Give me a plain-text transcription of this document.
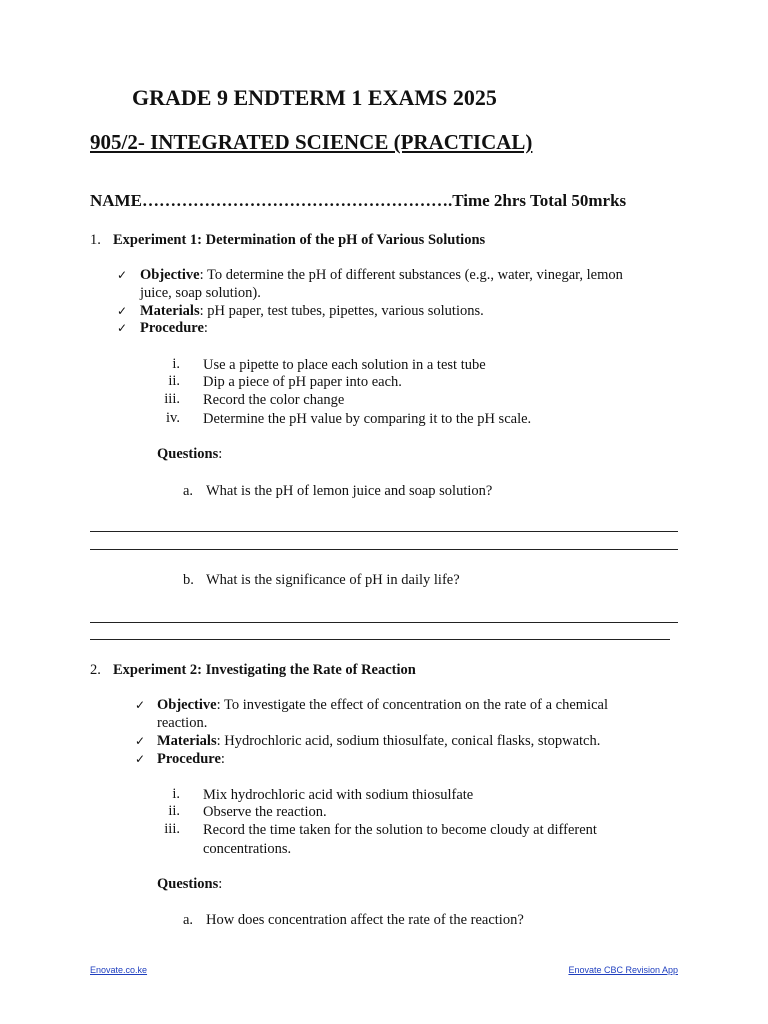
GRADE 9 ENDTERM 1 EXAMS 2025
905/2- INTEGRATED SCIENCE (PRACTICAL)
NAME……………………………………………….Time 2hrs Total 50mrks
1. Experiment 1: Determination of the pH of Various Solutions
✓ Objective: To determine the pH of different substances (e.g., water, vinegar, lemon
juice, soap solution).
✓ Materials: pH paper, test tubes, pipettes, various solutions.
✓ Procedure:
i. Use a pipette to place each solution in a test tube
ii. Dip a piece of pH paper into each.
iii. Record the color change
iv. Determine the pH value by comparing it to the pH scale.
Questions:
a. What is the pH of lemon juice and soap solution?
b. What is the significance of pH in daily life?
2. Experiment 2: Investigating the Rate of Reaction
✓ Objective: To investigate the effect of concentration on the rate of a chemical
reaction.
✓ Materials: Hydrochloric acid, sodium thiosulfate, conical flasks, stopwatch.
✓ Procedure:
i. Mix hydrochloric acid with sodium thiosulfate
ii. Observe the reaction.
iii. Record the time taken for the solution to become cloudy at different
concentrations.
Questions:
a. How does concentration affect the rate of the reaction?
Enovate.co.ke	Enovate CBC Revision App
